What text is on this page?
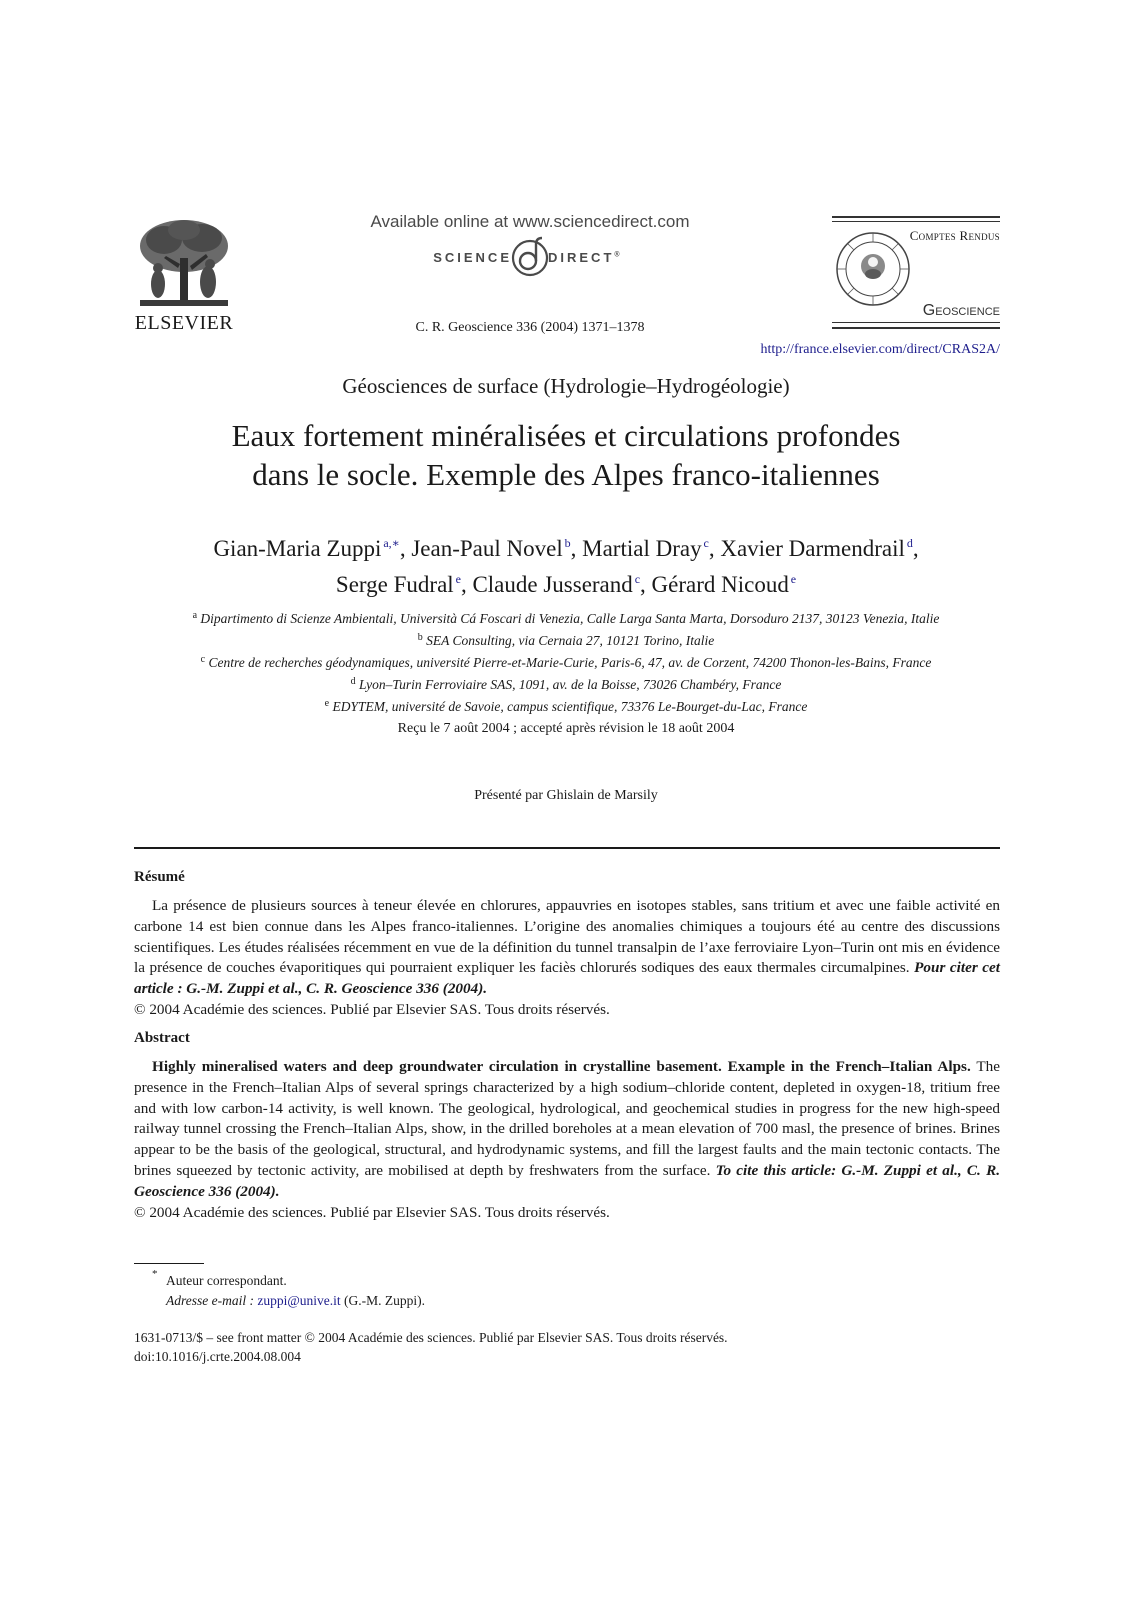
ELSEVIER
Available online at www.sciencedirect.com
SCIENCE	DIRECT®
C. R. Geoscience 336 (2004) 1371–1378
Comptes Rendus
Geoscience
http://france.elsevier.com/direct/CRAS2A/
Géosciences de surface (Hydrologie–Hydrogéologie)
Eaux fortement minéralisées et circulations profondes
dans le socle. Exemple des Alpes franco-italiennes
Gian-Maria Zuppi  $^{a,∗}$, Jean-Paul Novel  $^b$, Martial Dray  $^c$, Xavier Darmendrail  $^d$,
Serge Fudral  $^e$, Claude Jusserand  $^c$, Gérard Nicoud  $^e$
$^a$ Dipartimento di Scienze Ambientali, Università Cá Foscari di Venezia, Calle Larga Santa Marta, Dorsoduro 2137, 30123 Venezia, Italie
$^b$ SEA Consulting, via Cernaia 27, 10121 Torino, Italie
$^c$ Centre de recherches géodynamiques, université Pierre-et-Marie-Curie, Paris-6, 47, av. de Corzent, 74200 Thonon-les-Bains, France
$^d$ Lyon–Turin Ferroviaire SAS, 1091, av. de la Boisse, 73026 Chambéry, France
$^e$ EDYTEM, université de Savoie, campus scientifique, 73376 Le-Bourget-du-Lac, France
Reçu le 7 août 2004 ; accepté après révision le 18 août 2004
Présenté par Ghislain de Marsily
Résumé
La présence de plusieurs sources à teneur élevée en chlorures, appauvries en isotopes stables, sans tritium et avec une faible activité en carbone 14 est bien connue dans les Alpes franco-italiennes. L’origine des anomalies chimiques a toujours été au centre des discussions scientifiques. Les études réalisées récemment en vue de la définition du tunnel transalpin de l’axe ferroviaire Lyon–Turin ont mis en évidence la présence de couches évaporitiques qui pourraient expliquer les faciès chlorurés sodiques des eaux thermales circumalpines. Pour citer cet article : G.-M. Zuppi et al., C. R. Geoscience 336 (2004).
© 2004 Académie des sciences. Publié par Elsevier SAS. Tous droits réservés.
Abstract
Highly mineralised waters and deep groundwater circulation in crystalline basement. Example in the French–Italian Alps. The presence in the French–Italian Alps of several springs characterized by a high sodium–chloride content, depleted in oxygen-18, tritium free and with low carbon-14 activity, is well known. The geological, hydrological, and geochemical studies in progress for the new high-speed railway tunnel crossing the French–Italian Alps, show, in the drilled boreholes at a mean elevation of 700 masl, the presence of brines. Brines appear to be the basis of the geological, structural, and hydrodynamic systems, and fill the largest faults and the main tectonic contacts. The brines squeezed by tectonic activity, are mobilised at depth by freshwaters from the surface. To cite this article: G.-M. Zuppi et al., C. R. Geoscience 336 (2004).
© 2004 Académie des sciences. Publié par Elsevier SAS. Tous droits réservés.
* Auteur correspondant.
Adresse e-mail : zuppi@unive.it (G.-M. Zuppi).
1631-0713/$ – see front matter © 2004 Académie des sciences. Publié par Elsevier SAS. Tous droits réservés.
doi:10.1016/j.crte.2004.08.004
